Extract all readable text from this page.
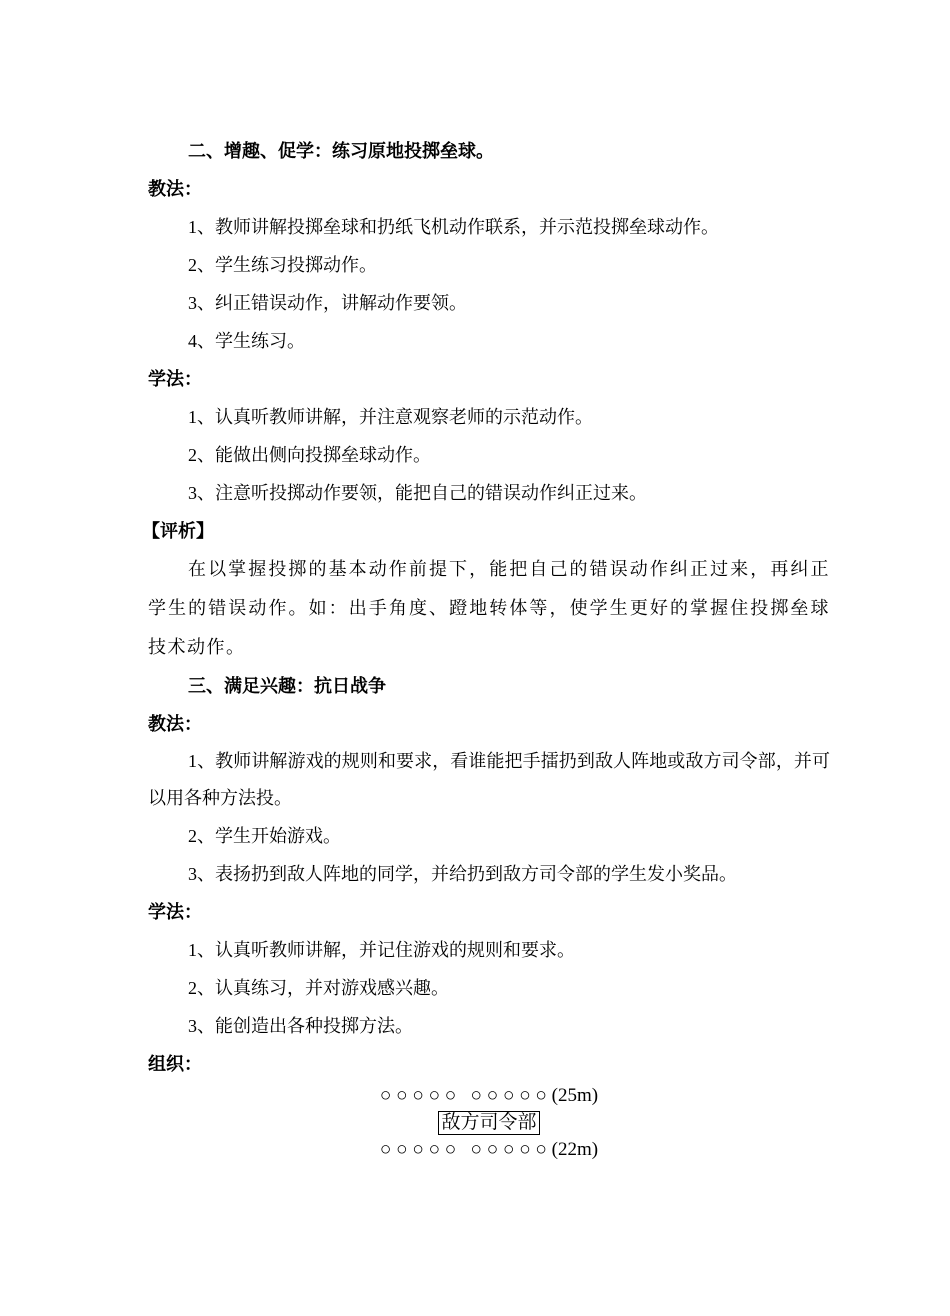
二、增趣、促学：练习原地投掷垒球。
教法：
1、教师讲解投掷垒球和扔纸飞机动作联系，并示范投掷垒球动作。
2、学生练习投掷动作。
3、纠正错误动作，讲解动作要领。
4、学生练习。
学法：
1、认真听教师讲解，并注意观察老师的示范动作。
2、能做出侧向投掷垒球动作。
3、注意听投掷动作要领，能把自己的错误动作纠正过来。
【评析】

在以掌握投掷的基本动作前提下，能把自己的错误动作纠正过来，再纠正学生的错误动作。如：出手角度、蹬地转体等，使学生更好的掌握住投掷垒球技术动作。

三、满足兴趣：抗日战争
教法：

1、教师讲解游戏的规则和要求，看谁能把手擂扔到敌人阵地或敌方司令部，并可以用各种方法投。

2、学生开始游戏。
3、表扬扔到敌人阵地的同学，并给扔到敌方司令部的学生发小奖品。
学法：
1、认真听教师讲解，并记住游戏的规则和要求。
2、认真练习，并对游戏感兴趣。
3、能创造出各种投掷方法。
组织：
○ ○ ○ ○ ○   ○ ○ ○ ○ ○ (25m)
敌方司令部
○ ○ ○ ○ ○   ○ ○ ○ ○ ○ (22m)
